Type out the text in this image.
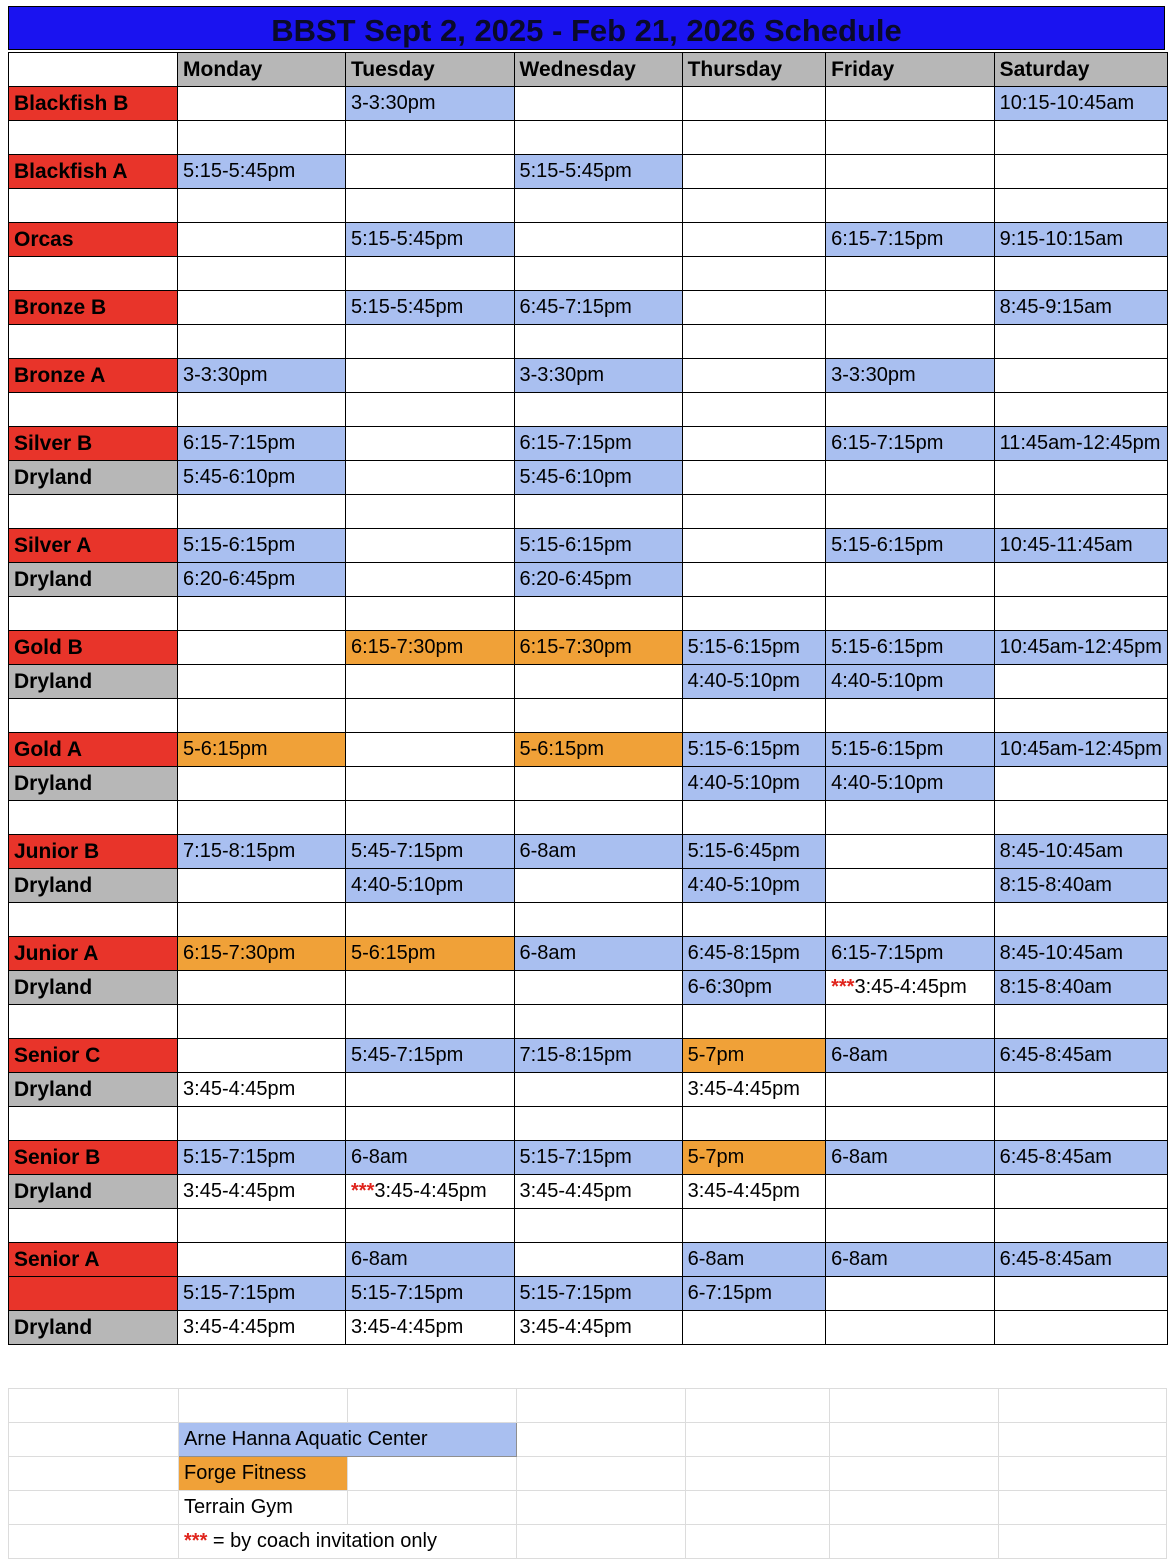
BBST Sept 2, 2025 - Feb 21, 2026 Schedule
	Monday	Tuesday	Wednesday	Thursday	Friday	Saturday
Blackfish B		3-3:30pm				10:15-10:45am

Blackfish A	5:15-5:45pm		5:15-5:45pm			

Orcas		5:15-5:45pm			6:15-7:15pm	9:15-10:15am

Bronze B		5:15-5:45pm	6:45-7:15pm			8:45-9:15am

Bronze A	3-3:30pm		3-3:30pm		3-3:30pm	

Silver B	6:15-7:15pm		6:15-7:15pm		6:15-7:15pm	11:45am-12:45pm
Dryland	5:45-6:10pm		5:45-6:10pm			

Silver A	5:15-6:15pm		5:15-6:15pm		5:15-6:15pm	10:45-11:45am
Dryland	6:20-6:45pm		6:20-6:45pm			

Gold B		6:15-7:30pm	6:15-7:30pm	5:15-6:15pm	5:15-6:15pm	10:45am-12:45pm
Dryland				4:40-5:10pm	4:40-5:10pm	

Gold A	5-6:15pm		5-6:15pm	5:15-6:15pm	5:15-6:15pm	10:45am-12:45pm
Dryland				4:40-5:10pm	4:40-5:10pm	

Junior B	7:15-8:15pm	5:45-7:15pm	6-8am	5:15-6:45pm		8:45-10:45am
Dryland		4:40-5:10pm		4:40-5:10pm		8:15-8:40am

Junior A	6:15-7:30pm	5-6:15pm	6-8am	6:45-8:15pm	6:15-7:15pm	8:45-10:45am
Dryland				6-6:30pm	***3:45-4:45pm	8:15-8:40am

Senior C		5:45-7:15pm	7:15-8:15pm	5-7pm	6-8am	6:45-8:45am
Dryland	3:45-4:45pm			3:45-4:45pm		

Senior B	5:15-7:15pm	6-8am	5:15-7:15pm	5-7pm	6-8am	6:45-8:45am
Dryland	3:45-4:45pm	***3:45-4:45pm	3:45-4:45pm	3:45-4:45pm		

Senior A		6-8am		6-8am	6-8am	6:45-8:45am
	5:15-7:15pm	5:15-7:15pm	5:15-7:15pm	6-7:15pm		
Dryland	3:45-4:45pm	3:45-4:45pm	3:45-4:45pm			

	Arne Hanna Aquatic Center					
	Forge Fitness					
	Terrain Gym					
	*** = by coach invitation only					
